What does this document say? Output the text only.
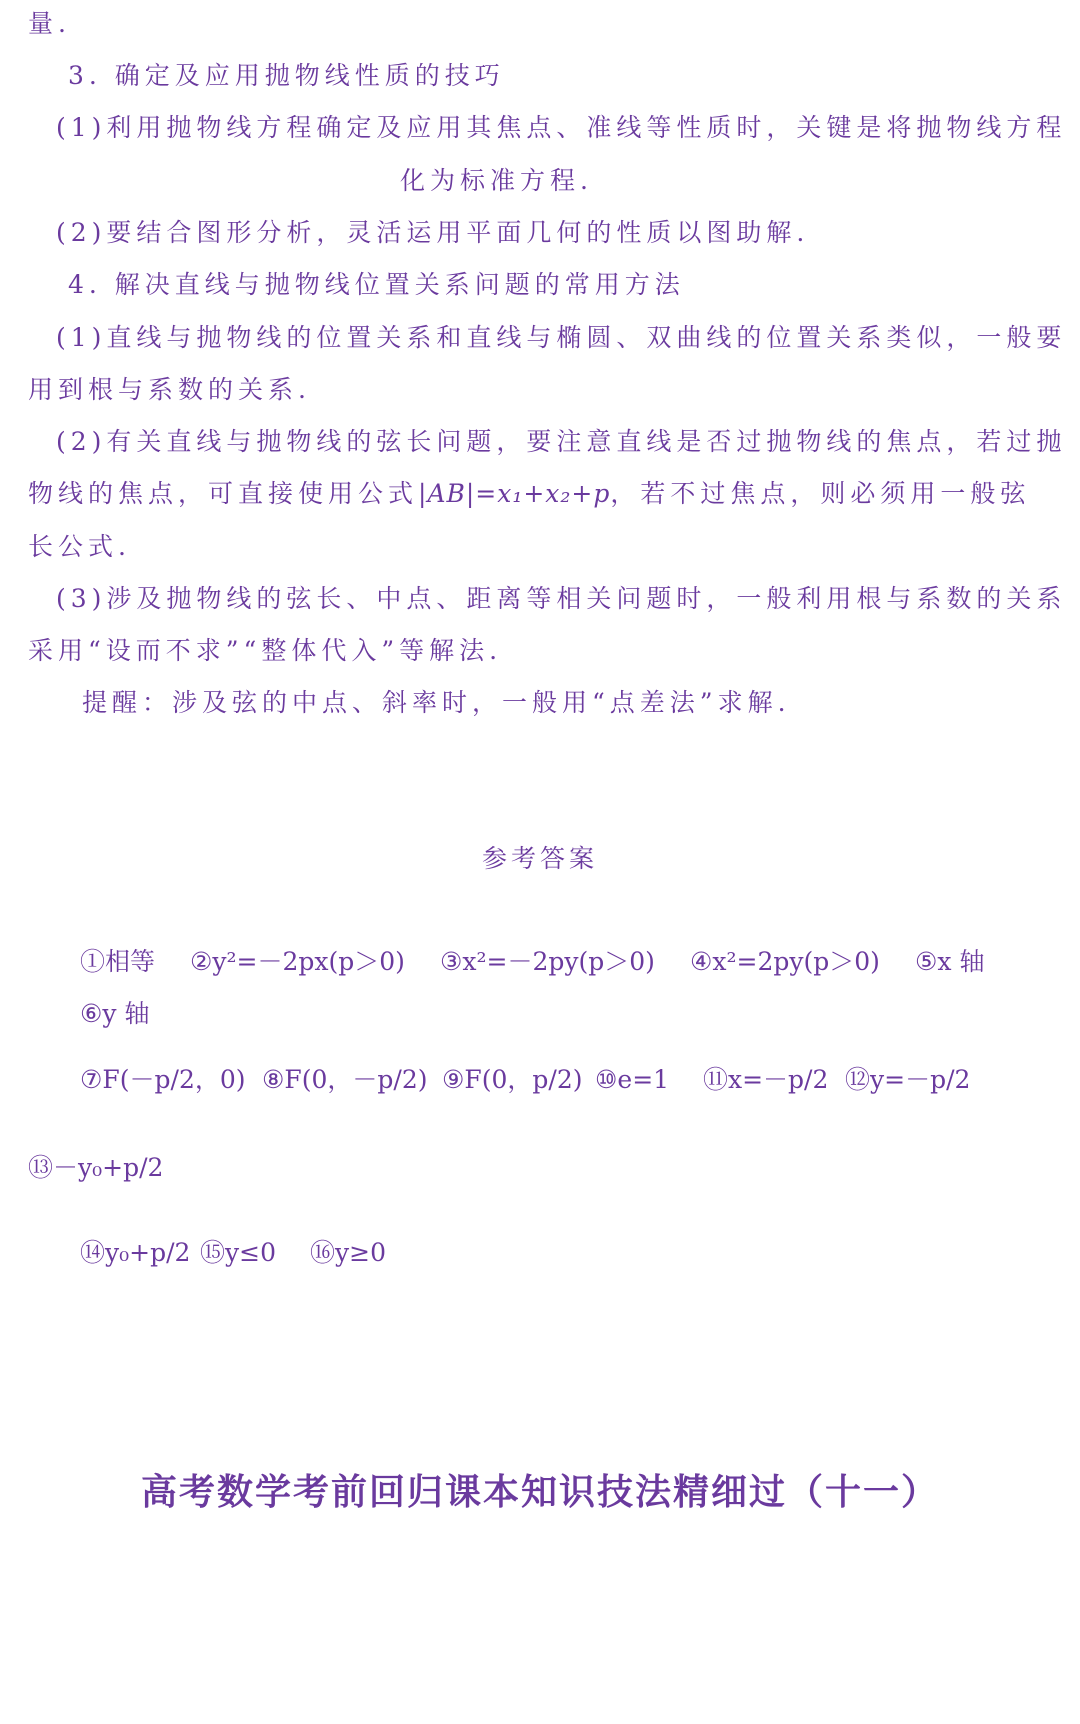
量.
3. 确定及应用抛物线性质的技巧
(1)利用抛物线方程确定及应用其焦点、准线等性质时，关键是将抛物线方程
化为标准方程.
(2)要结合图形分析，灵活运用平面几何的性质以图助解.
4. 解决直线与抛物线位置关系问题的常用方法
(1)直线与抛物线的位置关系和直线与椭圆、双曲线的位置关系类似，一般要
用到根与系数的关系.
(2)有关直线与抛物线的弦长问题，要注意直线是否过抛物线的焦点，若过抛
物线的焦点，可直接使用公式|AB|=x₁+x₂+p，若不过焦点，则必须用一般弦
长公式.
(3)涉及抛物线的弦长、中点、距离等相关问题时，一般利用根与系数的关系
采用“设而不求”“整体代入”等解法.
提醒：涉及弦的中点、斜率时，一般用“点差法”求解.
参考答案
①相等 ②y²=－2px(p＞0) ③x²=－2py(p＞0) ④x²=2py(p＞0) ⑤x 轴
⑥y 轴
⑦F(－p/2，0) ⑧F(0，－p/2) ⑨F(0，p/2) ⑩e=1 ⑪x=－p/2 ⑫y=－p/2
⑬－y₀+p/2
⑭y₀+p/2 ⑮y≤0 ⑯y≥0
高考数学考前回归课本知识技法精细过（十一）
